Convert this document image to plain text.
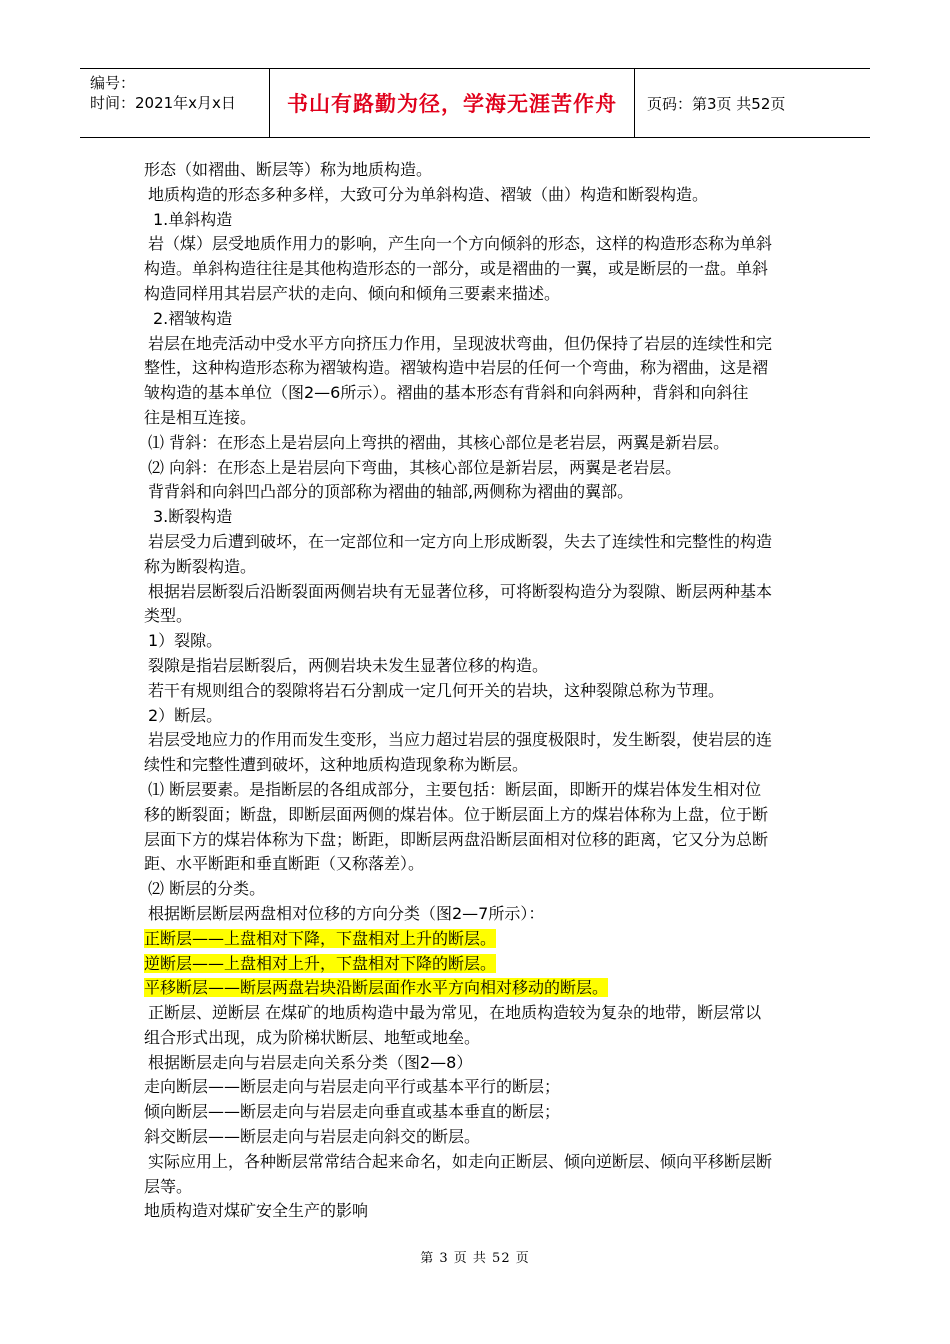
编号：
时间：2021年x月x日	书山有路勤为径，学海无涯苦作舟	页码：第3页 共52页
形态（如褶曲、断层等）称为地质构造。
地质构造的形态多种多样，大致可分为单斜构造、褶皱（曲）构造和断裂构造。
1.单斜构造
岩（煤）层受地质作用力的影响，产生向一个方向倾斜的形态，这样的构造形态称为单斜
构造。单斜构造往往是其他构造形态的一部分，或是褶曲的一翼，或是断层的一盘。单斜
构造同样用其岩层产状的走向、倾向和倾角三要素来描述。
2.褶皱构造
岩层在地壳活动中受水平方向挤压力作用，呈现波状弯曲，但仍保持了岩层的连续性和完
整性，这种构造形态称为褶皱构造。褶皱构造中岩层的任何一个弯曲，称为褶曲，这是褶
皱构造的基本单位（图2—6所示）。褶曲的基本形态有背斜和向斜两种，背斜和向斜往
往是相互连接。
⑴ 背斜：在形态上是岩层向上弯拱的褶曲，其核心部位是老岩层，两翼是新岩层。
⑵ 向斜：在形态上是岩层向下弯曲，其核心部位是新岩层，两翼是老岩层。
背背斜和向斜凹凸部分的顶部称为褶曲的轴部,两侧称为褶曲的翼部。
3.断裂构造
岩层受力后遭到破坏，在一定部位和一定方向上形成断裂，失去了连续性和完整性的构造
称为断裂构造。
根据岩层断裂后沿断裂面两侧岩块有无显著位移，可将断裂构造分为裂隙、断层两种基本
类型。
1）裂隙。
裂隙是指岩层断裂后，两侧岩块未发生显著位移的构造。
若干有规则组合的裂隙将岩石分割成一定几何开关的岩块，这种裂隙总称为节理。
2）断层。
岩层受地应力的作用而发生变形，当应力超过岩层的强度极限时，发生断裂，使岩层的连
续性和完整性遭到破坏，这种地质构造现象称为断层。
⑴ 断层要素。是指断层的各组成部分，主要包括：断层面，即断开的煤岩体发生相对位
移的断裂面；断盘，即断层面两侧的煤岩体。位于断层面上方的煤岩体称为上盘，位于断
层面下方的煤岩体称为下盘；断距，即断层两盘沿断层面相对位移的距离，它又分为总断
距、水平断距和垂直断距（又称落差）。
⑵ 断层的分类。
根据断层断层两盘相对位移的方向分类（图2—7所示）：
正断层——上盘相对下降，下盘相对上升的断层。
逆断层——上盘相对上升，下盘相对下降的断层。
平移断层——断层两盘岩块沿断层面作水平方向相对移动的断层。
正断层、逆断层 在煤矿的地质构造中最为常见，在地质构造较为复杂的地带，断层常以
组合形式出现，成为阶梯状断层、地堑或地垒。
根据断层走向与岩层走向关系分类（图2—8）
走向断层——断层走向与岩层走向平行或基本平行的断层；
倾向断层——断层走向与岩层走向垂直或基本垂直的断层；
斜交断层——断层走向与岩层走向斜交的断层。
实际应用上，各种断层常常结合起来命名，如走向正断层、倾向逆断层、倾向平移断层断
层等。
地质构造对煤矿安全生产的影响
第 3 页 共 52 页
